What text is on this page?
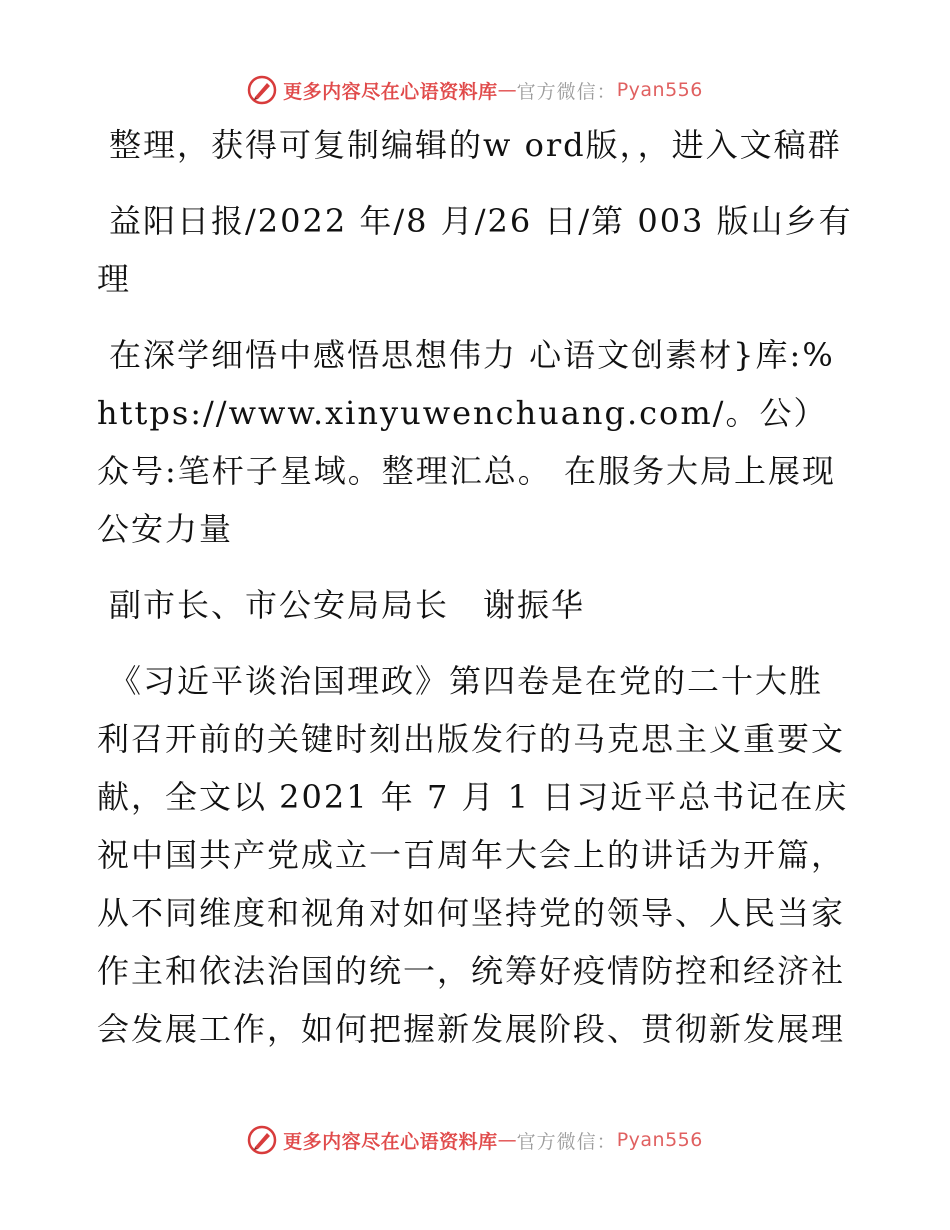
更多内容尽在心语资料库 — 官方微信： Pyan556

整理，获得可复制编辑的w ord版，，进入文稿群

益阳日报/2022 年/8 月/26 日/第 003 版山乡有理

在深学细悟中感悟思想伟力 心语文创素材}库:%https://www.xinyuwenchuang.com/。公）众号:笔杆子星域。整理汇总。 在服务大局上展现公安力量

副市长、市公安局局长　谢振华

《习近平谈治国理政》第四卷是在党的二十大胜利召开前的关键时刻出版发行的马克思主义重要文献，全文以 2021 年 7 月 1 日习近平总书记在庆祝中国共产党成立一百周年大会上的讲话为开篇，从不同维度和视角对如何坚持党的领导、人民当家作主和依法治国的统一，统筹好疫情防控和经济社会发展工作，如何把握新发展阶段、贯彻新发展理

更多内容尽在心语资料库 — 官方微信： Pyan556
